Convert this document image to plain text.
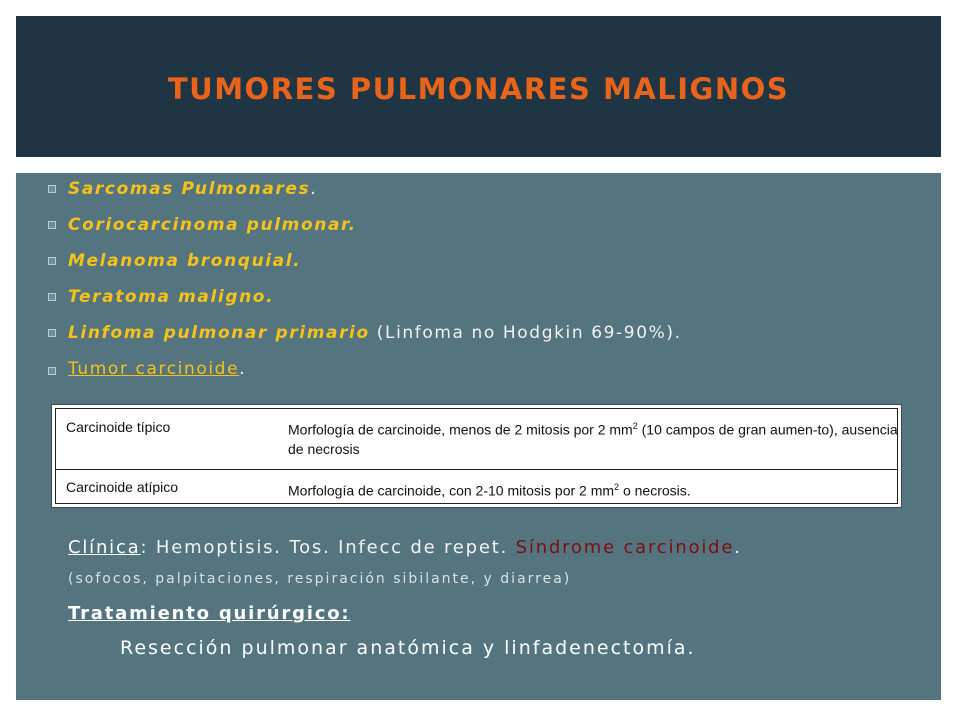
TUMORES PULMONARES MALIGNOS
Sarcomas Pulmonares.
Coriocarcinoma pulmonar.
Melanoma bronquial.
Teratoma maligno.
Linfoma pulmonar primario (Linfoma no Hodgkin 69-90%).
Tumor carcinoide.
Carcinoide típico	Morfología de carcinoide, menos de 2 mitosis por 2 $mm^2$ (10 campos de gran aumen-to), ausencia de necrosis
Carcinoide atípico	Morfología de carcinoide, con 2-10 mitosis por 2 $mm^2$ o necrosis.
Clínica: Hemoptisis. Tos. Infecc de repet. Síndrome carcinoide.
(sofocos, palpitaciones, respiración sibilante, y diarrea)
Tratamiento quirúrgico:
Resección pulmonar anatómica y linfadenectomía.
